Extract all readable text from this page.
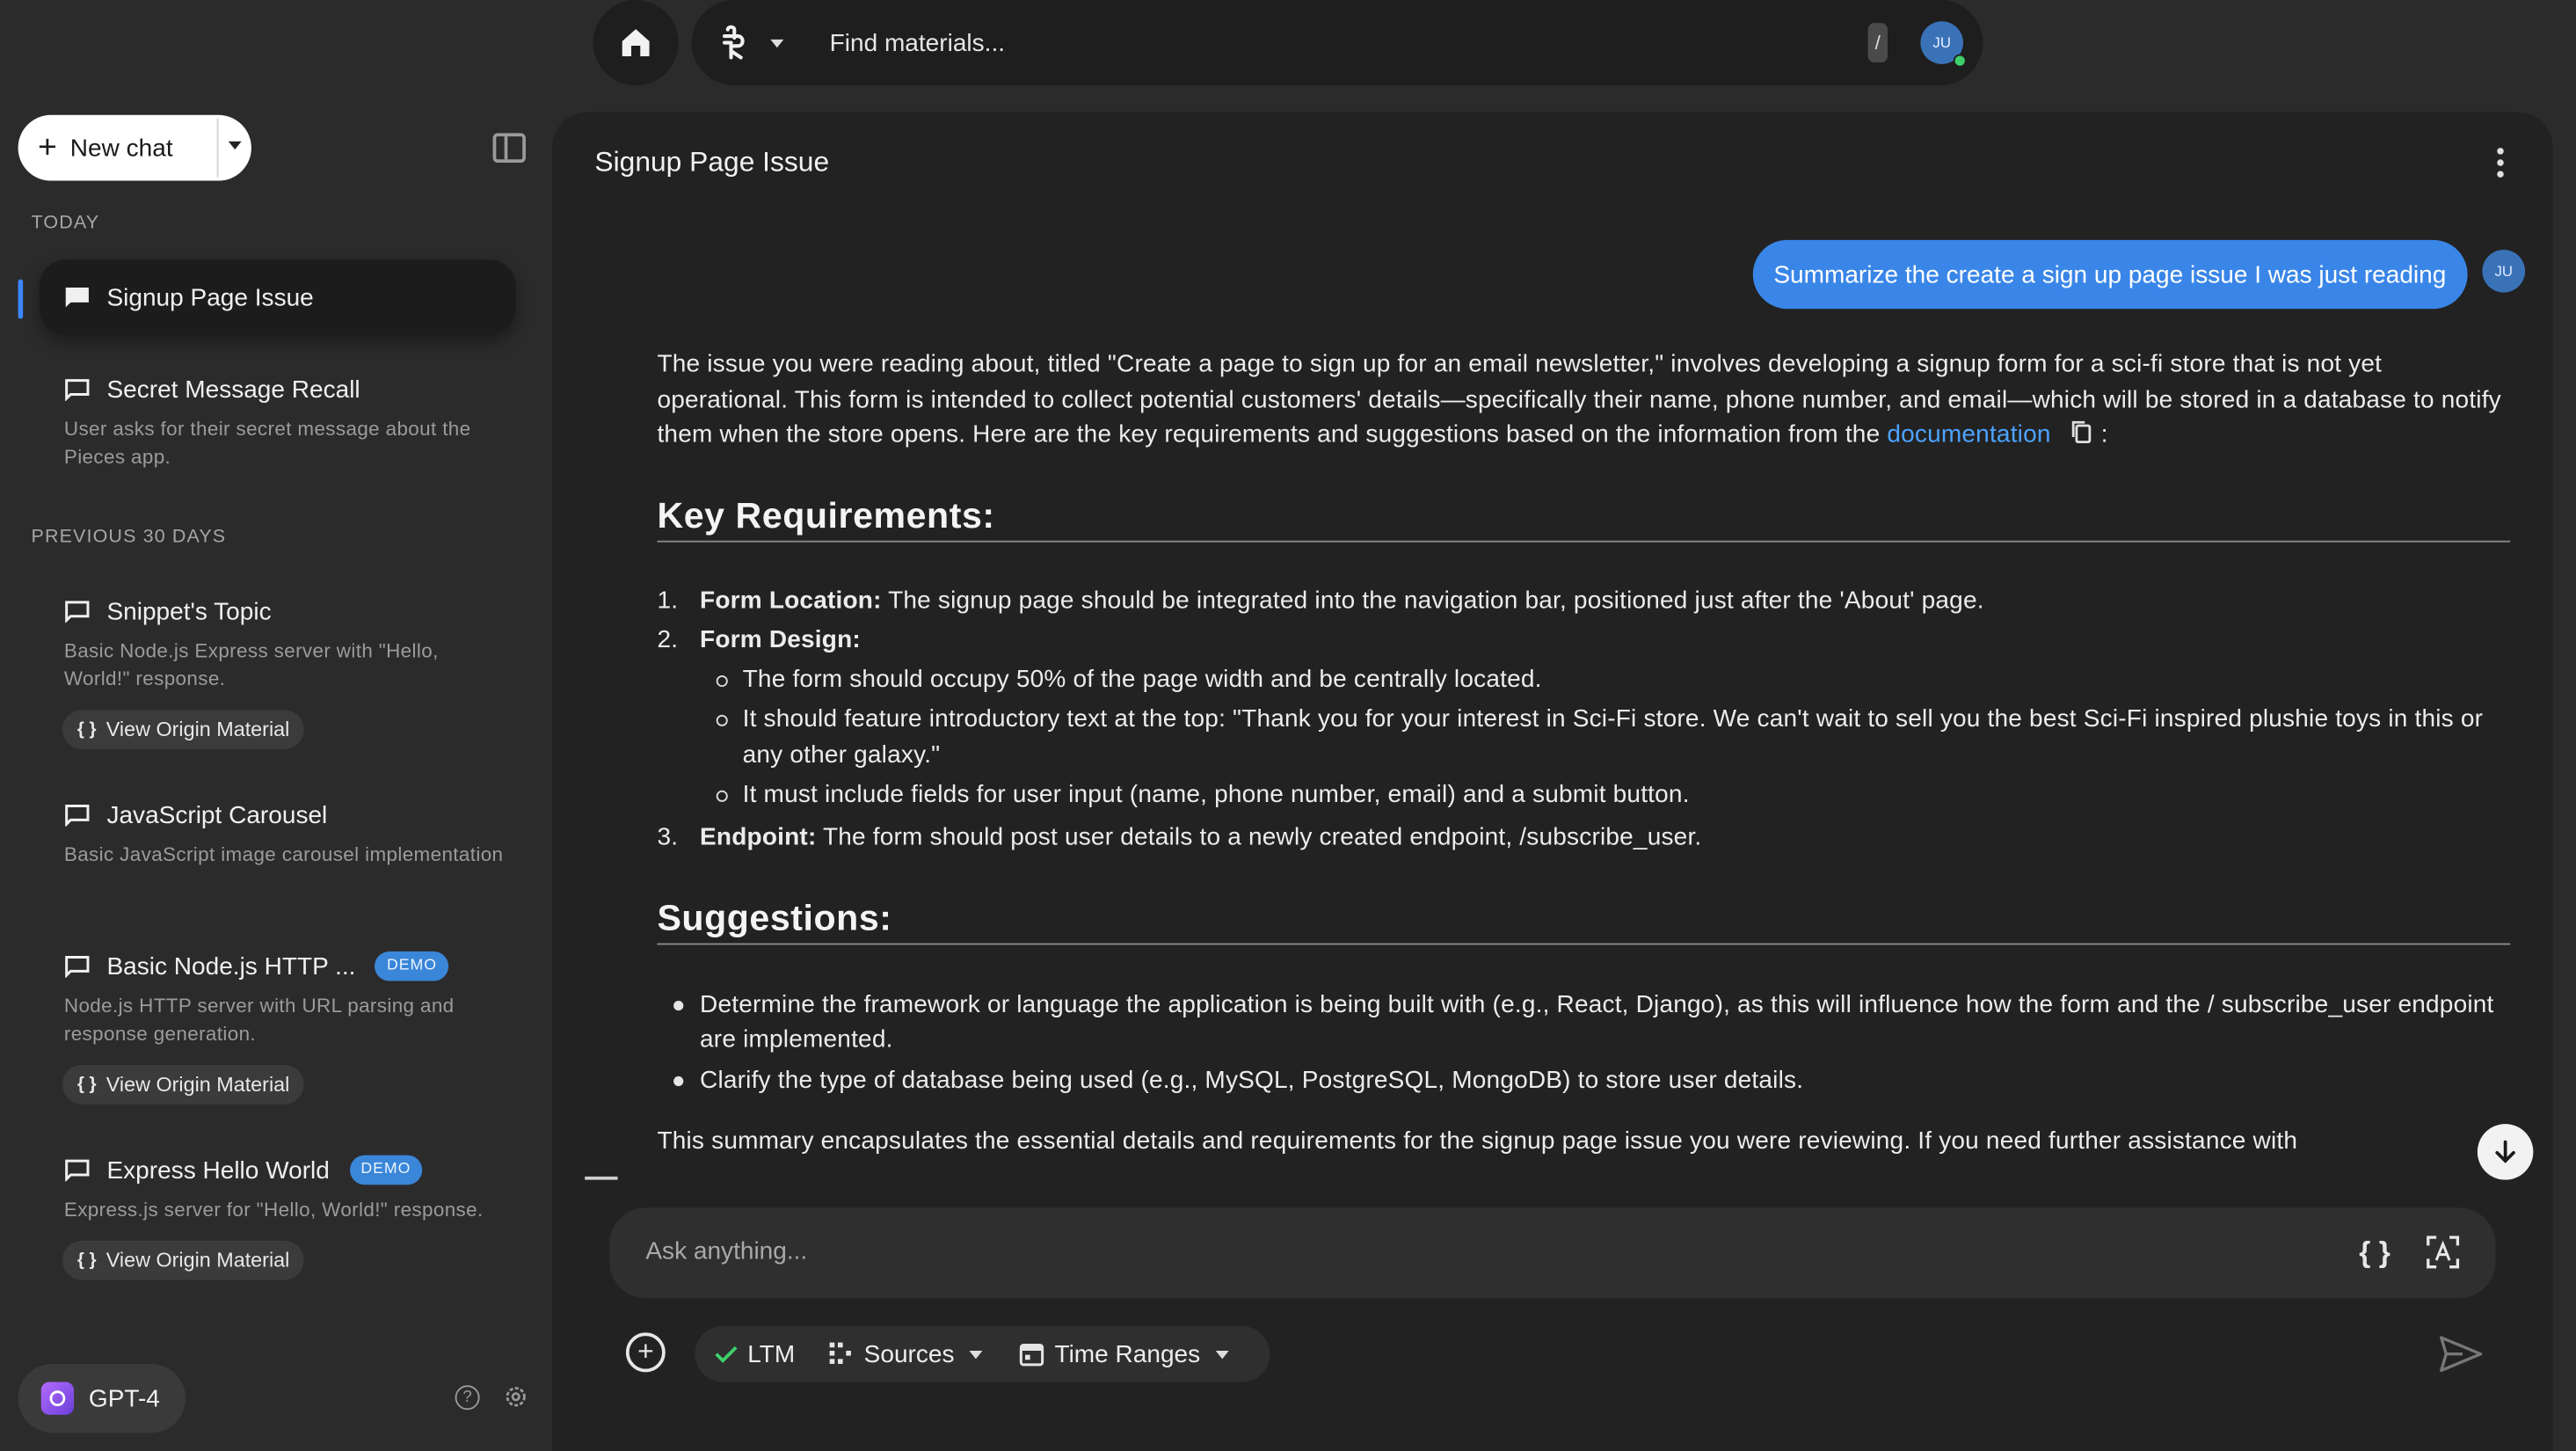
Find materials...	/	JU
+ New chat
TODAY
Signup Page Issue
Secret Message Recall
User asks for their secret message about the Pieces app.
PREVIOUS 30 DAYS
Snippet's Topic
Basic Node.js Express server with "Hello, World!" response.
{ } View Origin Material
JavaScript Carousel
Basic JavaScript image carousel implementation
Basic Node.js HTTP ...	DEMO
Node.js HTTP server with URL parsing and response generation.
{ } View Origin Material
Express Hello World	DEMO
Express.js server for "Hello, World!" response.
{ } View Origin Material
GPT-4	?
Signup Page Issue
Summarize the create a sign up page issue I was just reading	JU

The issue you were reading about, titled "Create a page to sign up for an email newsletter," involves developing a signup form for a sci-fi store that is not yet operational. This form is intended to collect potential customers' details—specifically their name, phone number, and email—which will be stored in a database to notify them when the store opens. Here are the key requirements and suggestions based on the information from the documentation	:

Key Requirements:
1. Form Location: The signup page should be integrated into the navigation bar, positioned just after the 'About' page.
2. Form Design:
The form should occupy 50% of the page width and be centrally located.
It should feature introductory text at the top: "Thank you for your interest in Sci-Fi store. We can't wait to sell you the best Sci-Fi inspired plushie toys in this or any other galaxy."
It must include fields for user input (name, phone number, email) and a submit button.
3. Endpoint: The form should post user details to a newly created endpoint, /subscribe_user.
Suggestions:
Determine the framework or language the application is being built with (e.g., React, Django), as this will influence how the form and the / subscribe_user endpoint are implemented.
Clarify the type of database being used (e.g., MySQL, PostgreSQL, MongoDB) to store user details.

This summary encapsulates the essential details and requirements for the signup page issue you were reviewing. If you need further assistance with

Ask anything...	{ }
+	LTM	Sources	Time Ranges
